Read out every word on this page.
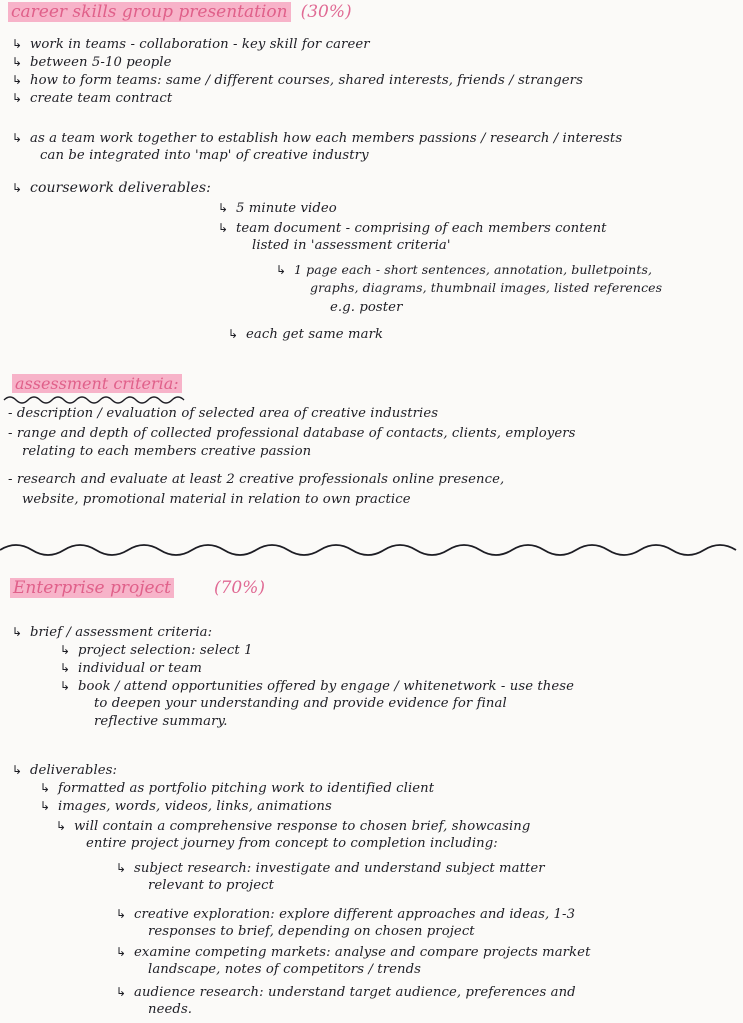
career skills group presentation (30%)
↳ work in teams - collaboration - key skill for career
↳ between 5-10 people
↳ how to form teams: same / different courses, shared interests, friends / strangers
↳ create team contract
↳ as a team work together to establish how each members passions / research / interests
can be integrated into 'map' of creative industry
↳ coursework deliverables:
↳ 5 minute video
↳ team document - comprising of each members content
listed in 'assessment criteria'
↳ 1 page each - short sentences, annotation, bulletpoints,
graphs, diagrams, thumbnail images, listed references
e.g. poster
↳ each get same mark
assessment criteria:
- description / evaluation of selected area of creative industries
- range and depth of collected professional database of contacts, clients, employers
relating to each members creative passion
- research and evaluate at least 2 creative professionals online presence,
website, promotional material in relation to own practice
Enterprise project	(70%)
↳ brief / assessment criteria:
↳ project selection: select 1
↳ individual or team
↳ book / attend opportunities offered by engage / whitenetwork - use these
to deepen your understanding and provide evidence for final
reflective summary.
↳ deliverables:
↳ formatted as portfolio pitching work to identified client
↳ images, words, videos, links, animations
↳ will contain a comprehensive response to chosen brief, showcasing
entire project journey from concept to completion including:
↳ subject research: investigate and understand subject matter
relevant to project
↳ creative exploration: explore different approaches and ideas, 1-3
responses to brief, depending on chosen project
↳ examine competing markets: analyse and compare projects market
landscape, notes of competitors / trends
↳ audience research: understand target audience, preferences and
needs.
